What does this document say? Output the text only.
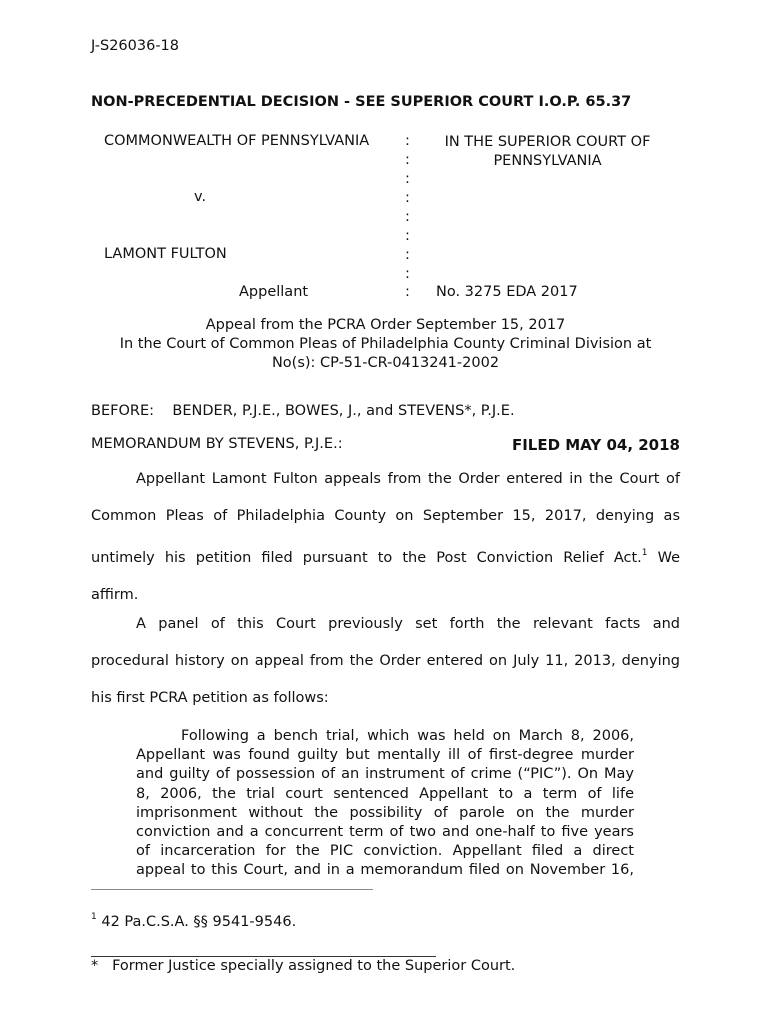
J-S26036-18
NON-PRECEDENTIAL DECISION - SEE SUPERIOR COURT I.O.P. 65.37
COMMONWEALTH OF PENNSYLVANIA
v.
LAMONT FULTON
Appellant
:
:
:
:
:
:
:
:
:
IN THE SUPERIOR COURT OF
PENNSYLVANIA
No. 3275 EDA 2017
Appeal from the PCRA Order September 15, 2017
In the Court of Common Pleas of Philadelphia County Criminal Division at
No(s): CP-51-CR-0413241-2002
BEFORE:    BENDER, P.J.E., BOWES, J., and STEVENS*, P.J.E.
MEMORANDUM BY STEVENS, P.J.E.:	FILED MAY 04, 2018
Appellant Lamont Fulton appeals from the Order entered in the Court of
Common Pleas of Philadelphia County on September 15, 2017, denying as
untimely his petition filed pursuant to the Post Conviction Relief Act.$^1$ We
affirm.
A panel of this Court previously set forth the relevant facts and
procedural history on appeal from the Order entered on July 11, 2013, denying
his first PCRA petition as follows:
Following a bench trial, which was held on March 8, 2006,
Appellant was found guilty but mentally ill of first-degree murder
and guilty of possession of an instrument of crime (“PIC”). On May
8, 2006, the trial court sentenced Appellant to a term of life
imprisonment without the possibility of parole on the murder
conviction and a concurrent term of two and one-half to five years
of incarceration for the PIC conviction. Appellant filed a direct
appeal to this Court, and in a memorandum filed on November 16,
$^1$ 42 Pa.C.S.A. §§ 9541-9546.
* Former Justice specially assigned to the Superior Court.
